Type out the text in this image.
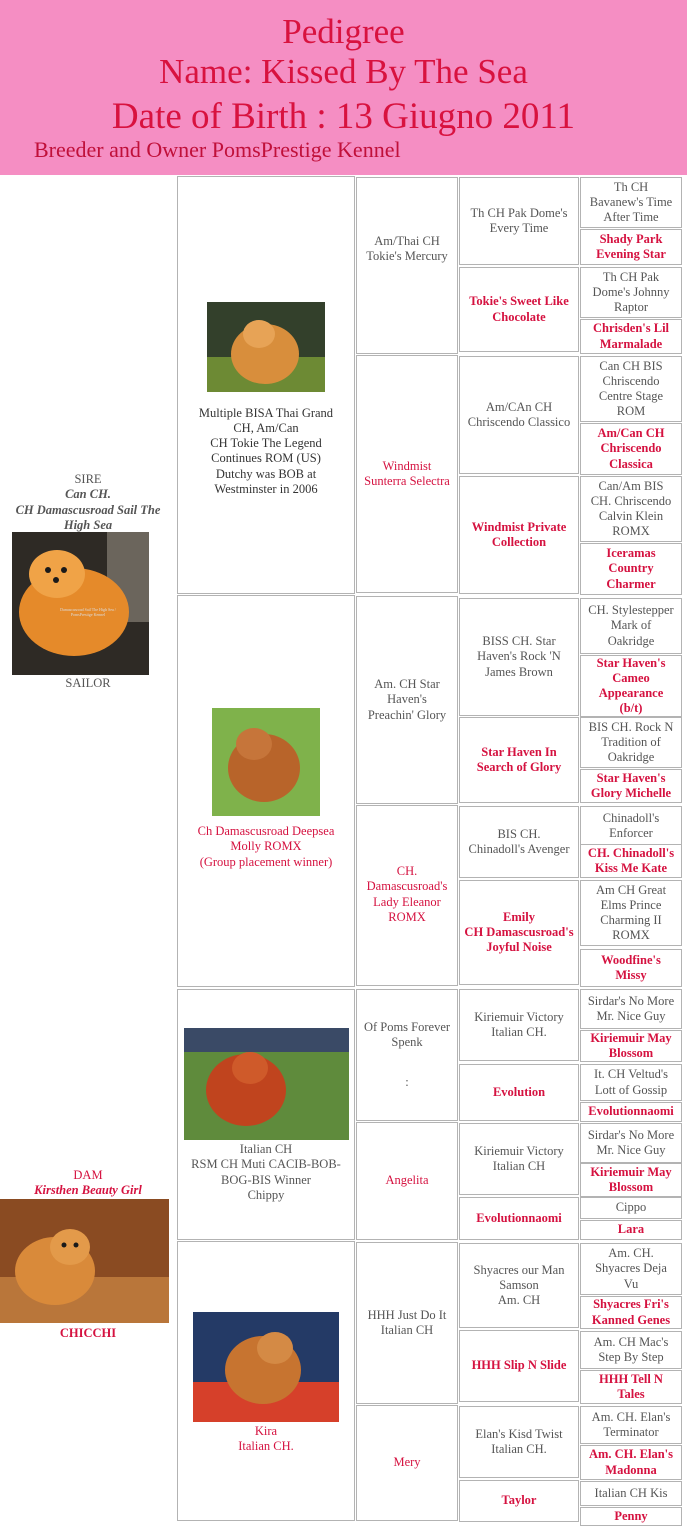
Pedigree
Name: Kissed By The Sea
Date of Birth : 13 Giugno 2011
Breeder and Owner PomsPrestige Kennel
SIRE
Can CH.
CH Damascusroad Sail The High Sea
Damascusroad Sail The High Sea / PomsPrestige Kennel
SAILOR
DAM
Kirsthen Beauty Girl
CHICCHI
Multiple BISA Thai Grand
CH, Am/Can
CH Tokie The Legend
Continues ROM (US)
Dutchy was BOB at
Westminster in 2006
Ch Damascusroad Deepsea
Molly ROMX
(Group placement winner)
Italian CH
RSM CH Muti CACIB-BOB-
BOG-BIS Winner
Chippy
Kira
Italian CH.
Am/Thai CH
Tokie's Mercury
Windmist
Sunterra Selectra
Am. CH Star
Haven's
Preachin' Glory
CH.
Damascusroad's
Lady Eleanor
ROMX
Of Poms Forever
Spenk
:
Angelita
HHH Just Do It
Italian CH
Mery
Th CH Pak Dome's
Every Time
Tokie's Sweet Like
Chocolate
Am/CAn CH
Chriscendo Classico
Windmist Private
Collection
BISS CH. Star
Haven's Rock 'N
James Brown
Star Haven In
Search of Glory
BIS CH.
Chinadoll's Avenger
Emily
CH Damascusroad's
Joyful Noise
Kiriemuir Victory
Italian CH.
Evolution
Kiriemuir Victory
Italian CH
Evolutionnaomi
Shyacres our Man
Samson
Am. CH
HHH Slip N Slide
Elan's Kisd Twist
Italian CH.
Taylor
Th CH
Bavanew's Time
After Time
Shady Park
Evening Star
Th CH Pak
Dome's Johnny
Raptor
Chrisden's Lil
Marmalade
Can CH BIS
Chriscendo
Centre Stage
ROM
Am/Can CH
Chriscendo
Classica
Can/Am BIS
CH. Chriscendo
Calvin Klein
ROMX
Iceramas
Country
Charmer
CH. Stylestepper
Mark of
Oakridge
Star Haven's
Cameo
Appearance
(b/t)
BIS CH. Rock N
Tradition of
Oakridge
Star Haven's
Glory Michelle
Chinadoll's
Enforcer
CH. Chinadoll's
Kiss Me Kate
Am CH Great
Elms Prince
Charming II
ROMX
Woodfine's
Missy
Sirdar's No More
Mr. Nice Guy
Kiriemuir May
Blossom
It. CH Veltud's
Lott of Gossip
Evolutionnaomi
Sirdar's No More
Mr. Nice Guy
Kiriemuir May
Blossom
Cippo
Lara
Am. CH.
Shyacres Deja
Vu
Shyacres Fri's
Kanned Genes
Am. CH Mac's
Step By Step
HHH Tell N
Tales
Am. CH. Elan's
Terminator
Am. CH. Elan's
Madonna
Italian CH Kis
Penny
